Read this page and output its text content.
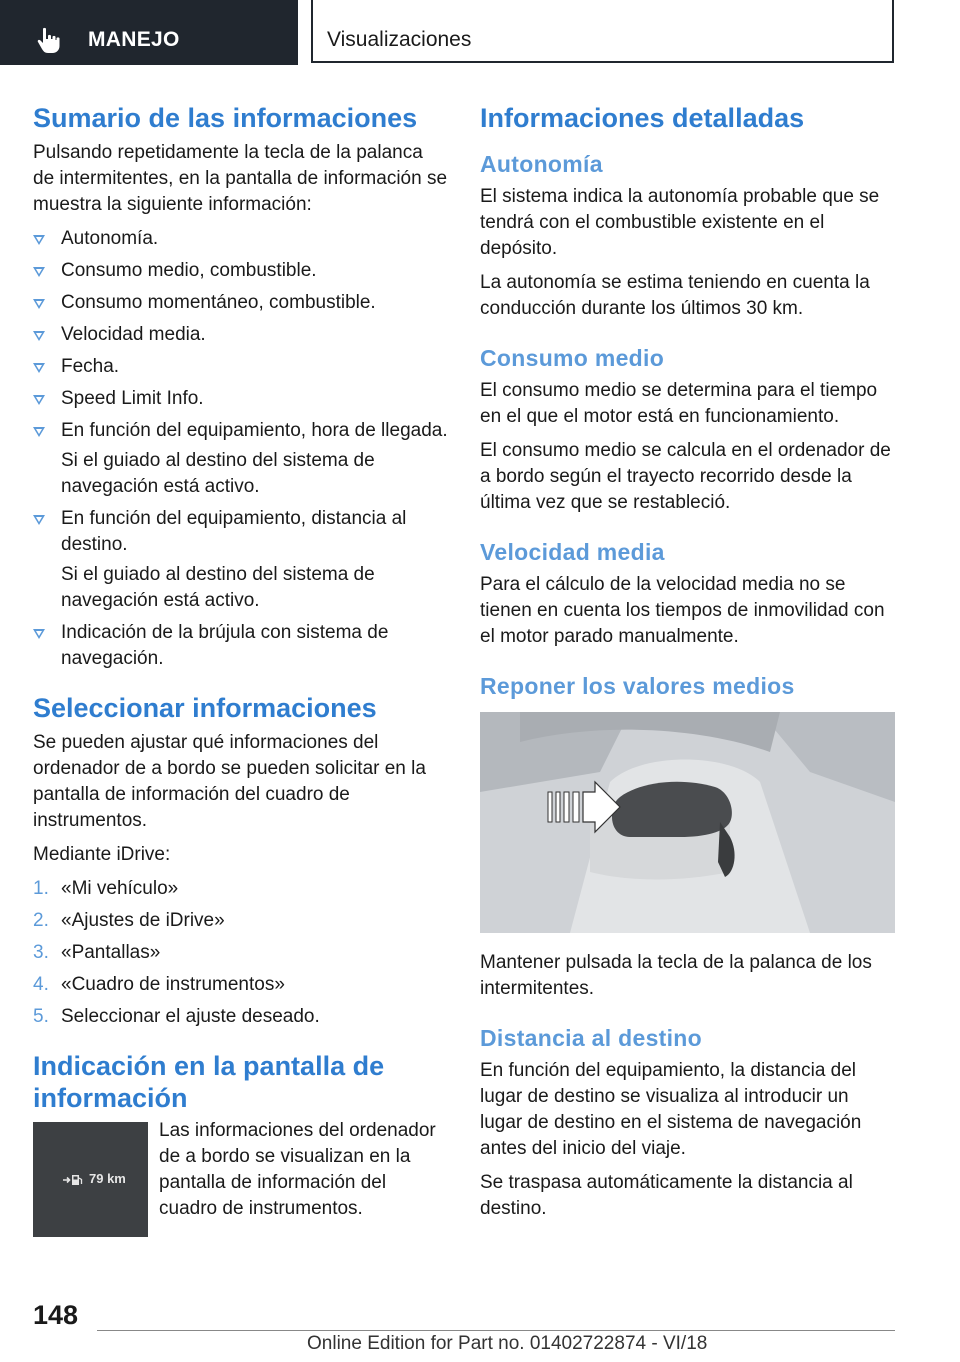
MANEJO	Visualizaciones
Sumario de las informaciones

Pulsando repetidamente la tecla de la palanca de intermitentes, en la pantalla de información se muestra la siguiente información:

Autonomía.
Consumo medio, combustible.
Consumo momentáneo, combustible.
Velocidad media.
Fecha.
Speed Limit Info.
En función del equipamiento, hora de llegada.
Si el guiado al destino del sistema de navegación está activo.
En función del equipamiento, distancia al destino.
Si el guiado al destino del sistema de navegación está activo.
Indicación de la brújula con sistema de navegación.
Seleccionar informaciones

Se pueden ajustar qué informaciones del ordenador de a bordo se pueden solicitar en la pantalla de información del cuadro de instrumentos.

Mediante iDrive:

1. «Mi vehículo»
2. «Ajustes de iDrive»
3. «Pantallas»
4. «Cuadro de instrumentos»
5. Seleccionar el ajuste deseado.
Indicación en la pantalla de información
79 km

Las informaciones del ordenador de a bordo se visualizan en la pantalla de información del cuadro de instrumentos.

Informaciones detalladas
Autonomía

El sistema indica la autonomía probable que se tendrá con el combustible existente en el depósito.

La autonomía se estima teniendo en cuenta la conducción durante los últimos 30 km.

Consumo medio

El consumo medio se determina para el tiempo en el que el motor está en funcionamiento.

El consumo medio se calcula en el ordenador de a bordo según el trayecto recorrido desde la última vez que se restableció.

Velocidad media

Para el cálculo de la velocidad media no se tienen en cuenta los tiempos de inmovilidad con el motor parado manualmente.

Reponer los valores medios

Mantener pulsada la tecla de la palanca de los intermitentes.

Distancia al destino

En función del equipamiento, la distancia del lugar de destino se visualiza al introducir un lugar de destino en el sistema de navegación antes del inicio del viaje.

Se traspasa automáticamente la distancia al destino.

148
Online Edition for Part no. 01402722874 - VI/18
